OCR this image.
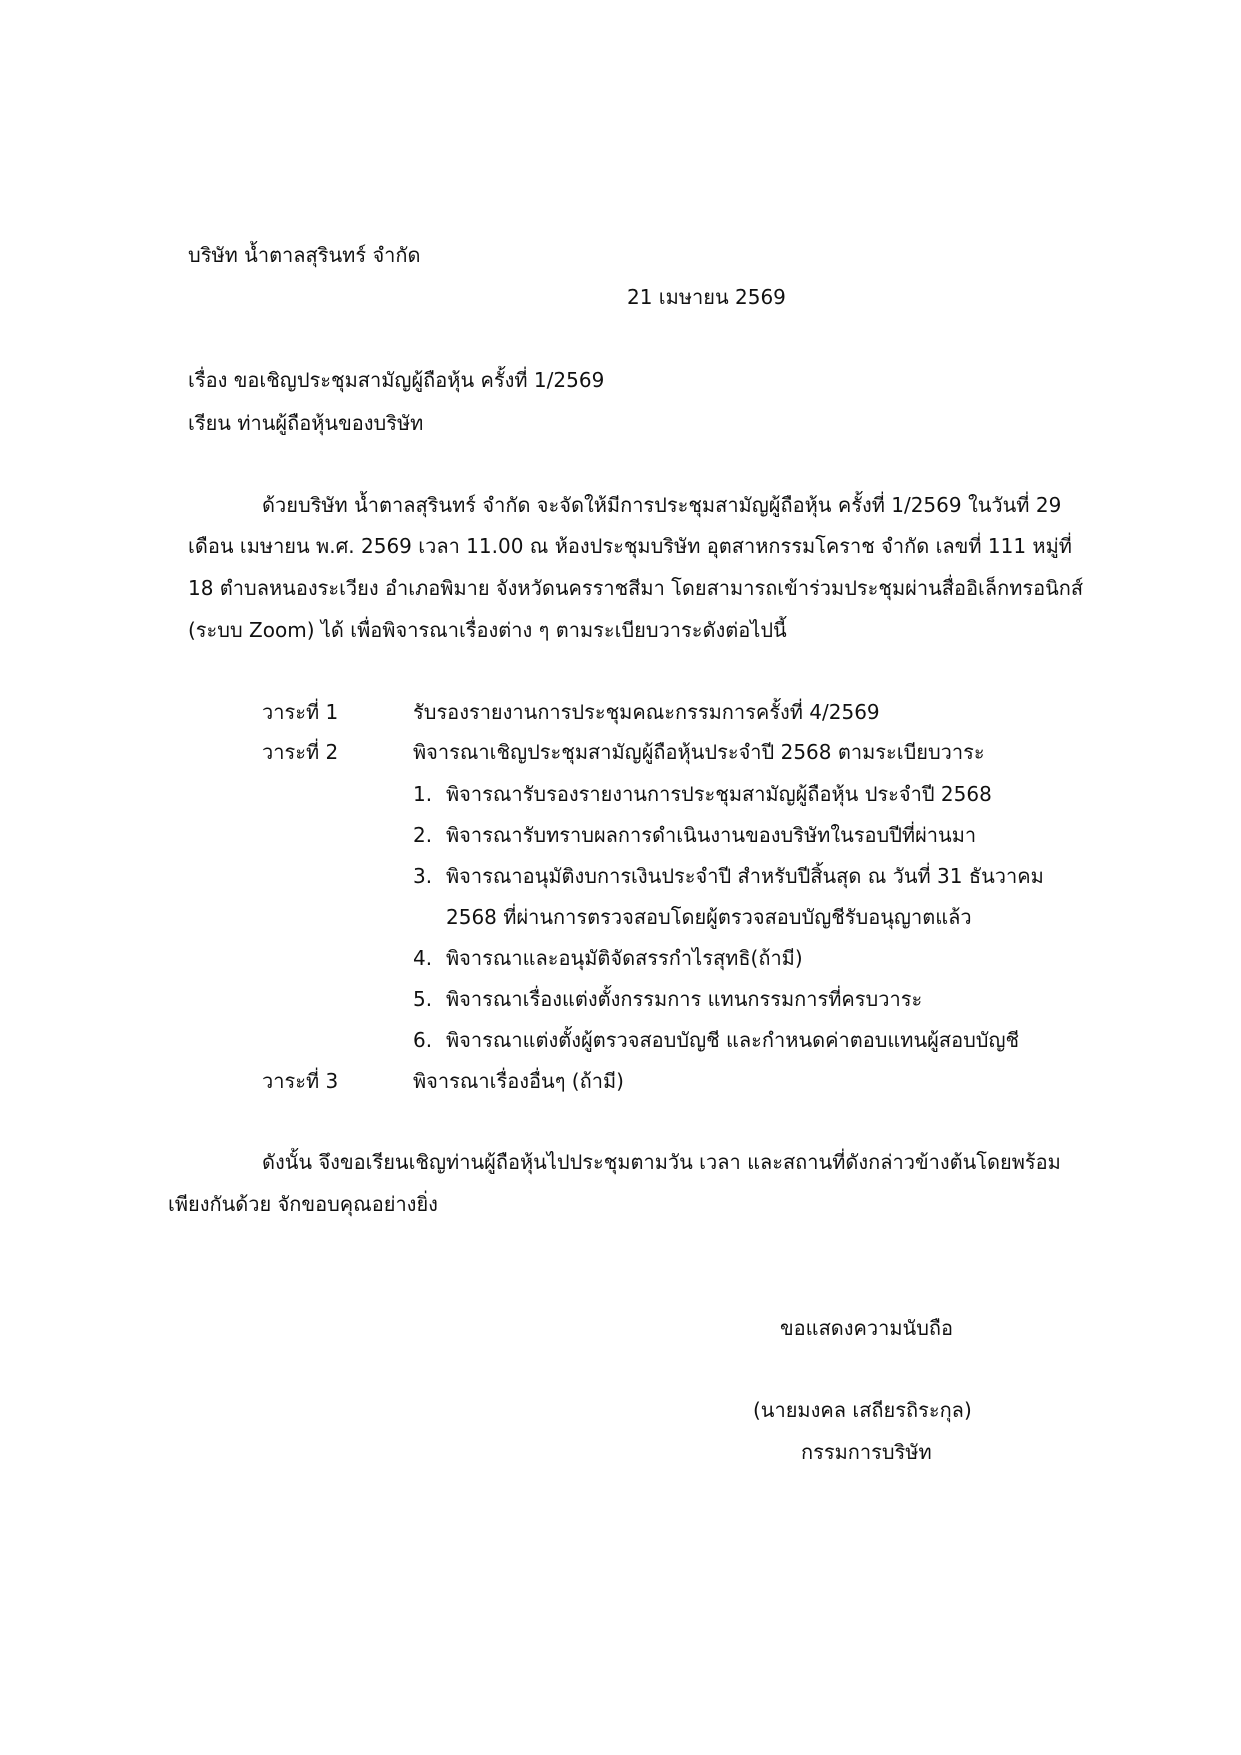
บริษัท น้ำตาลสุรินทร์ จำกัด
21 เมษายน 2569
เรื่อง ขอเชิญประชุมสามัญผู้ถือหุ้น ครั้งที่ 1/2569
เรียน ท่านผู้ถือหุ้นของบริษัท
ด้วยบริษัท น้ำตาลสุรินทร์ จำกัด จะจัดให้มีการประชุมสามัญผู้ถือหุ้น ครั้งที่ 1/2569 ในวันที่ 29
เดือน เมษายน พ.ศ. 2569 เวลา 11.00 ณ ห้องประชุมบริษัท อุตสาหกรรมโคราช จำกัด เลขที่ 111 หมู่ที่
18 ตำบลหนองระเวียง อำเภอพิมาย จังหวัดนครราชสีมา โดยสามารถเข้าร่วมประชุมผ่านสื่ออิเล็กทรอนิกส์
(ระบบ Zoom) ได้ เพื่อพิจารณาเรื่องต่าง ๆ ตามระเบียบวาระดังต่อไปนี้
วาระที่ 1	รับรองรายงานการประชุมคณะกรรมการครั้งที่ 4/2569
วาระที่ 2	พิจารณาเชิญประชุมสามัญผู้ถือหุ้นประจำปี 2568 ตามระเบียบวาระ
1. พิจารณารับรองรายงานการประชุมสามัญผู้ถือหุ้น ประจำปี 2568
2. พิจารณารับทราบผลการดำเนินงานของบริษัทในรอบปีที่ผ่านมา
3. พิจารณาอนุมัติงบการเงินประจำปี สำหรับปีสิ้นสุด ณ วันที่ 31 ธันวาคม
2568 ที่ผ่านการตรวจสอบโดยผู้ตรวจสอบบัญชีรับอนุญาตแล้ว
4. พิจารณาและอนุมัติจัดสรรกำไรสุทธิ(ถ้ามี)
5. พิจารณาเรื่องแต่งตั้งกรรมการ แทนกรรมการที่ครบวาระ
6. พิจารณาแต่งตั้งผู้ตรวจสอบบัญชี และกำหนดค่าตอบแทนผู้สอบบัญชี
วาระที่ 3	พิจารณาเรื่องอื่นๆ (ถ้ามี)
ดังนั้น จึงขอเรียนเชิญท่านผู้ถือหุ้นไปประชุมตามวัน เวลา และสถานที่ดังกล่าวข้างต้นโดยพร้อม
เพียงกันด้วย จักขอบคุณอย่างยิ่ง
ขอแสดงความนับถือ
(นายมงคล เสถียรถิระกุล)
กรรมการบริษัท
